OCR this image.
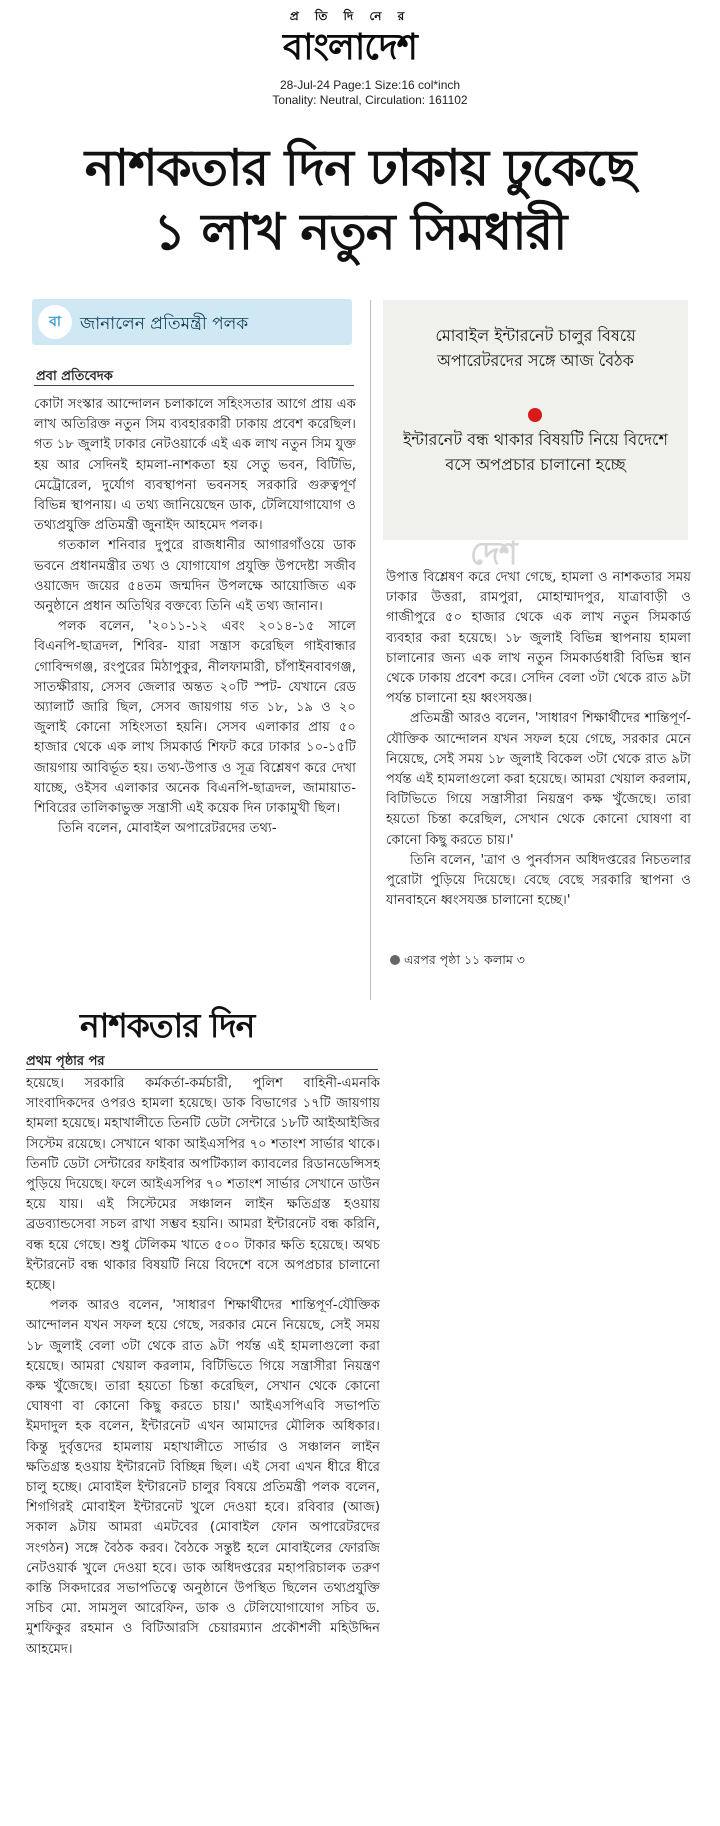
প্র তি দি নে র
বাংলাদেশ
28-Jul-24 Page:1 Size:16 col*inch
Tonality: Neutral, Circulation: 161102
নাশকতার দিন ঢাকায় ঢুকেছে
১ লাখ নতুন সিমধারী
বা	জানালেন প্রতিমন্ত্রী পলক
প্রবা প্রতিবেদক

কোটা সংস্কার আন্দোলন চলাকালে সহিংসতার আগে প্রায় এক লাখ অতিরিক্ত নতুন সিম ব্যবহারকারী ঢাকায় প্রবেশ করেছিল। গত ১৮ জুলাই ঢাকার নেটওয়ার্কে এই এক লাখ নতুন সিম যুক্ত হয় আর সেদিনই হামলা-নাশকতা হয় সেতু ভবন, বিটিভি, মেট্রোরেল, দুর্যোগ ব্যবস্থাপনা ভবনসহ সরকারি গুরুত্বপূর্ণ বিভিন্ন স্থাপনায়। এ তথ্য জানিয়েছেন ডাক, টেলিযোগাযোগ ও তথ্যপ্রযুক্তি প্রতিমন্ত্রী জুনাইদ আহমেদ পলক।

গতকাল শনিবার দুপুরে রাজধানীর আগারগাঁওয়ে ডাক ভবনে প্রধানমন্ত্রীর তথ্য ও যোগাযোগ প্রযুক্তি উপদেষ্টা সজীব ওয়াজেদ জয়ের ৫৪তম জন্মদিন উপলক্ষে আয়োজিত এক অনুষ্ঠানে প্রধান অতিথির বক্তব্যে তিনি এই তথ্য জানান।

পলক বলেন, '২০১১-১২ এবং ২০১৪-১৫ সালে বিএনপি-ছাত্রদল, শিবির- যারা সন্ত্রাস করেছিল গাইবান্ধার গোবিন্দগঞ্জ, রংপুরের মিঠাপুকুর, নীলফামারী, চাঁপাইনবাবগঞ্জ, সাতক্ষীরায়, সেসব জেলার অন্তত ২০টি স্পট- যেখানে রেড অ্যালার্ট জারি ছিল, সেসব জায়গায় গত ১৮, ১৯ ও ২০ জুলাই কোনো সহিংসতা হয়নি। সেসব এলাকার প্রায় ৫০ হাজার থেকে এক লাখ সিমকার্ড শিফট করে ঢাকার ১০-১৫টি জায়গায় আবির্ভূত হয়। তথ্য-উপাত্ত ও সূত্র বিশ্লেষণ করে দেখা যাচ্ছে, ওইসব এলাকার অনেক বিএনপি-ছাত্রদল, জামায়াত-শিবিরের তালিকাভুক্ত সন্ত্রাসী এই কয়েক দিন ঢাকামুখী ছিল।

তিনি বলেন, মোবাইল অপারেটরদের তথ্য-

মোবাইল ইন্টারনেট চালুর বিষয়ে অপারেটরদের সঙ্গে আজ বৈঠক
ইন্টারনেট বন্ধ থাকার বিষয়টি নিয়ে বিদেশে বসে অপপ্রচার চালানো হচ্ছে
দেশ

উপাত্ত বিশ্লেষণ করে দেখা গেছে, হামলা ও নাশকতার সময় ঢাকার উত্তরা, রামপুরা, মোহাম্মাদপুর, যাত্রাবাড়ী ও গাজীপুরে ৫০ হাজার থেকে এক লাখ নতুন সিমকার্ড ব্যবহার করা হয়েছে। ১৮ জুলাই বিভিন্ন স্থাপনায় হামলা চালানোর জন্য এক লাখ নতুন সিমকার্ডধারী বিভিন্ন স্থান থেকে ঢাকায় প্রবেশ করে। সেদিন বেলা ৩টা থেকে রাত ৯টা পর্যন্ত চালানো হয় ধ্বংসযজ্ঞ।

প্রতিমন্ত্রী আরও বলেন, 'সাধারণ শিক্ষার্থীদের শান্তিপূর্ণ-যৌক্তিক আন্দোলন যখন সফল হয়ে গেছে, সরকার মেনে নিয়েছে, সেই সময় ১৮ জুলাই বিকেল ৩টা থেকে রাত ৯টা পর্যন্ত এই হামলাগুলো করা হয়েছে। আমরা খেয়াল করলাম, বিটিভিতে গিয়ে সন্ত্রাসীরা নিয়ন্ত্রণ কক্ষ খুঁজেছে। তারা হয়তো চিন্তা করেছিল, সেখান থেকে কোনো ঘোষণা বা কোনো কিছু করতে চায়।'

তিনি বলেন, 'ত্রাণ ও পুনর্বাসন অধিদপ্তরের নিচতলার পুরোটা পুড়িয়ে দিয়েছে। বেছে বেছে সরকারি স্থাপনা ও যানবাহনে ধ্বংসযজ্ঞ চালানো হচ্ছে।'

এরপর পৃষ্ঠা ১১ কলাম ৩
নাশকতার দিন
প্রথম পৃষ্ঠার পর

হয়েছে। সরকারি কর্মকর্তা-কর্মচারী, পুলিশ বাহিনী-এমনকি সাংবাদিকদের ওপরও হামলা হয়েছে। ডাক বিভাগের ১৭টি জায়গায় হামলা হয়েছে। মহাখালীতে তিনটি ডেটা সেন্টারে ১৮টি আইআইজির সিস্টেম রয়েছে। সেখানে থাকা আইএসপির ৭০ শতাংশ সার্ভার থাকে। তিনটি ডেটা সেন্টারের ফাইবার অপটিক্যাল ক্যাবলের রিডানডেন্সিসহ পুড়িয়ে দিয়েছে। ফলে আইএসপির ৭০ শতাংশ সার্ভার সেখানে ডাউন হয়ে যায়। এই সিস্টেমের সঞ্চালন লাইন ক্ষতিগ্রস্ত হওয়ায় ব্রডব্যান্ডসেবা সচল রাখা সম্ভব হয়নি। আমরা ইন্টারনেট বন্ধ করিনি, বন্ধ হয়ে গেছে। শুধু টেলিকম খাতে ৫০০ টাকার ক্ষতি হয়েছে। অথচ ইন্টারনেট বন্ধ থাকার বিষয়টি নিয়ে বিদেশে বসে অপপ্রচার চালানো হচ্ছে।

পলক আরও বলেন, 'সাধারণ শিক্ষার্থীদের শান্তিপূর্ণ-যৌক্তিক আন্দোলন যখন সফল হয়ে গেছে, সরকার মেনে নিয়েছে, সেই সময় ১৮ জুলাই বেলা ৩টা থেকে রাত ৯টা পর্যন্ত এই হামলাগুলো করা হয়েছে। আমরা খেয়াল করলাম, বিটিভিতে গিয়ে সন্ত্রাসীরা নিয়ন্ত্রণ কক্ষ খুঁজেছে। তারা হয়তো চিন্তা করেছিল, সেখান থেকে কোনো ঘোষণা বা কোনো কিছু করতে চায়।' আইএসপিএবি সভাপতি ইমদাদুল হক বলেন, ইন্টারনেট এখন আমাদের মৌলিক অধিকার। কিন্তু দুর্বৃত্তদের হামলায় মহাখালীতে সার্ভার ও সঞ্চালন লাইন ক্ষতিগ্রস্ত হওয়ায় ইন্টারনেট বিচ্ছিন্ন ছিল। এই সেবা এখন ধীরে ধীরে চালু হচ্ছে। মোবাইল ইন্টারনেট চালুর বিষয়ে প্রতিমন্ত্রী পলক বলেন, শিগগিরই মোবাইল ইন্টারনেট খুলে দেওয়া হবে। রবিবার (আজ) সকাল ৯টায় আমরা এমটবের (মোবাইল ফোন অপারেটরদের সংগঠন) সঙ্গে বৈঠক করব। বৈঠকে সন্তুষ্ট হলে মোবাইলের ফোরজি নেটওয়ার্ক খুলে দেওয়া হবে। ডাক অধিদপ্তরের মহাপরিচালক তরুণ কান্তি সিকদারের সভাপতিত্বে অনুষ্ঠানে উপস্থিত ছিলেন তথ্যপ্রযুক্তি সচিব মো. সামসুল আরেফিন, ডাক ও টেলিযোগাযোগ সচিব ড. মুশফিকুর রহমান ও বিটিআরসি চেয়ারম্যান প্রকৌশলী মহিউদ্দিন আহমেদ।
